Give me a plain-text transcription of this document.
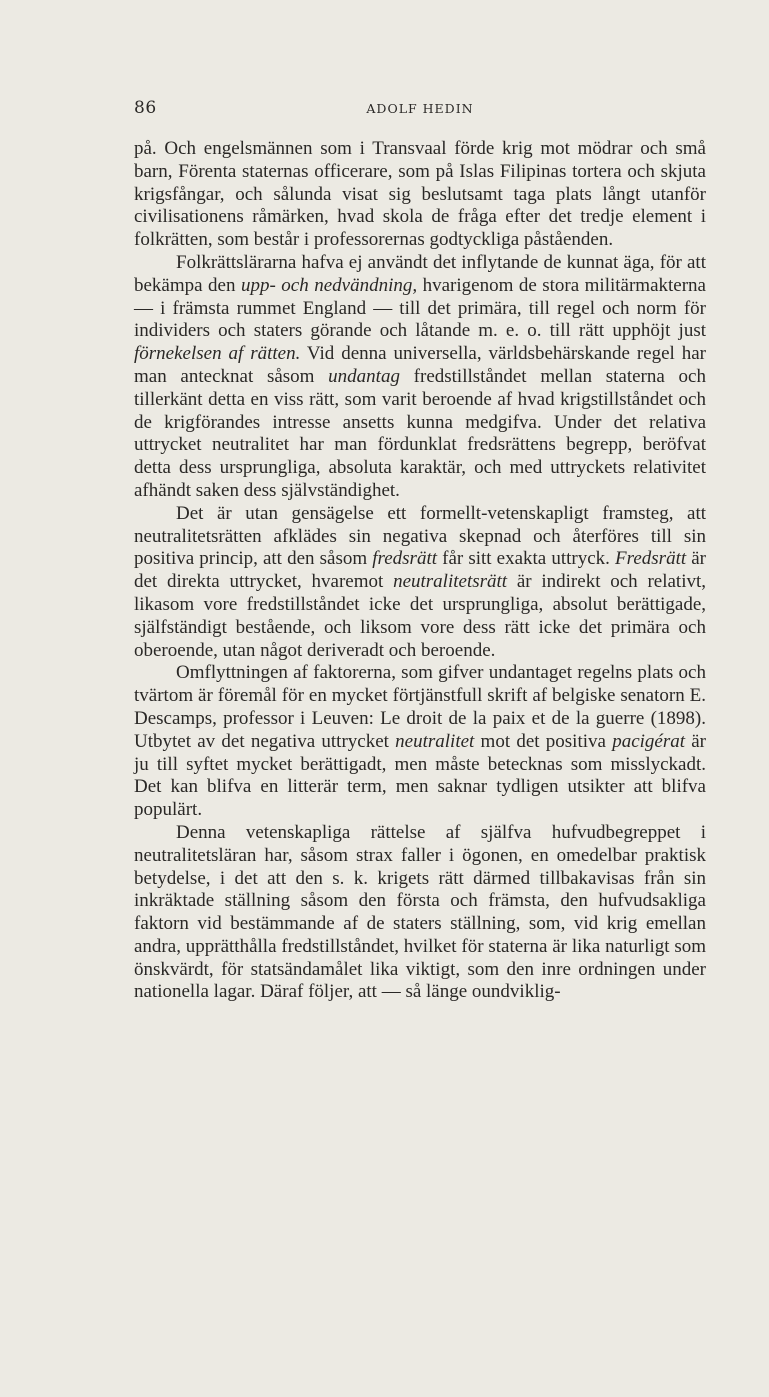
86	ADOLF HEDIN

på. Och engelsmännen som i Transvaal förde krig mot mödrar och små barn, Förenta staternas officerare, som på Islas Filipinas tortera och skjuta krigsfångar, och sålunda visat sig beslutsamt taga plats långt utanför civilisationens råmärken, hvad skola de fråga efter det tredje element i folkrätten, som består i professorernas godtyckliga påståenden.

Folkrättslärarna hafva ej användt det inflytande de kunnat äga, för att bekämpa den upp- och nedvändning, hvarigenom de stora militärmakterna — i främsta rummet England — till det primära, till regel och norm för individers och staters görande och låtande m. e. o. till rätt upphöjt just förnekelsen af rätten. Vid denna universella, världsbehärskande regel har man antecknat såsom undantag fredstillståndet mellan staterna och tillerkänt detta en viss rätt, som varit beroende af hvad krigstillståndet och de krigförandes intresse ansetts kunna medgifva. Under det relativa uttrycket neutralitet har man fördunklat fredsrättens begrepp, beröfvat detta dess ursprungliga, absoluta karaktär, och med uttryckets relativitet afhändt saken dess självständighet.

Det är utan gensägelse ett formellt-vetenskapligt framsteg, att neutralitetsrätten afklädes sin negativa skepnad och återföres till sin positiva princip, att den såsom fredsrätt får sitt exakta uttryck. Fredsrätt är det direkta uttrycket, hvaremot neutralitetsrätt är indirekt och relativt, likasom vore fredstillståndet icke det ursprungliga, absolut berättigade, själfständigt bestående, och liksom vore dess rätt icke det primära och oberoende, utan något deriveradt och beroende.

Omflyttningen af faktorerna, som gifver undantaget regelns plats och tvärtom är föremål för en mycket förtjänstfull skrift af belgiske senatorn E. Descamps, professor i Leuven: Le droit de la paix et de la guerre (1898). Utbytet av det negativa uttrycket neutralitet mot det positiva pacigérat är ju till syftet mycket berättigadt, men måste betecknas som misslyckadt. Det kan blifva en litterär term, men saknar tydligen utsikter att blifva populärt.

Denna vetenskapliga rättelse af själfva hufvudbegreppet i neutralitetsläran har, såsom strax faller i ögonen, en omedelbar praktisk betydelse, i det att den s. k. krigets rätt därmed tillbakavisas från sin inkräktade ställning såsom den första och främsta, den hufvudsakliga faktorn vid bestämmande af de staters ställning, som, vid krig emellan andra, upprätthålla fredstillståndet, hvilket för staterna är lika naturligt som önskvärdt, för statsändamålet lika viktigt, som den inre ordningen under nationella lagar. Däraf följer, att — så länge oundviklig-
